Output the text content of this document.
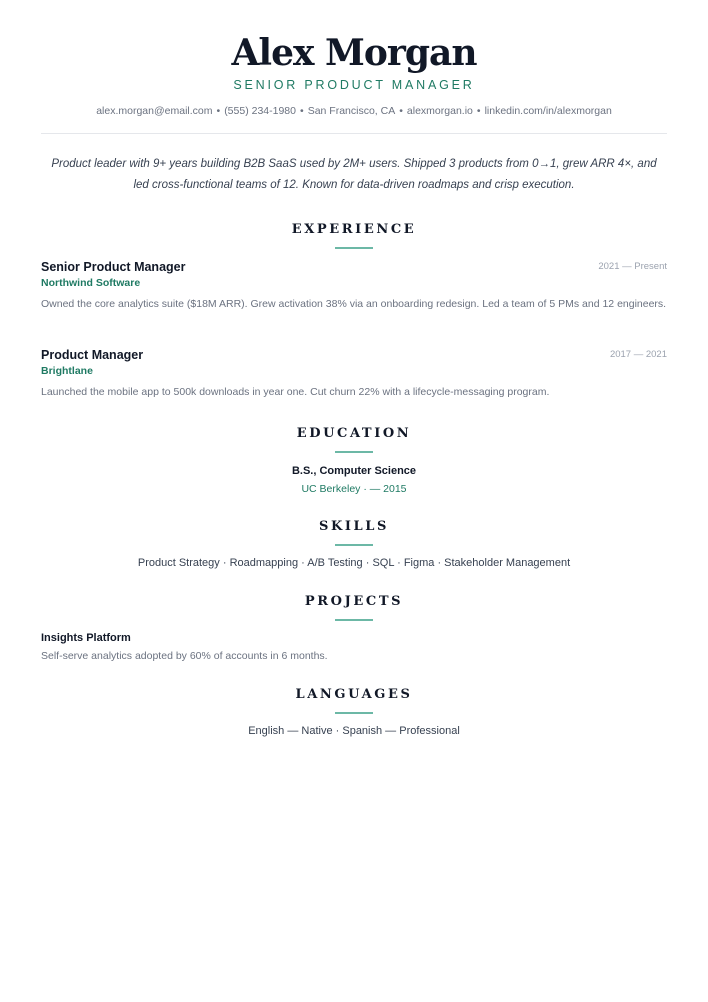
Alex Morgan
SENIOR PRODUCT MANAGER
alex.morgan@email.com • (555) 234-1980 • San Francisco, CA • alexmorgan.io • linkedin.com/in/alexmorgan
Product leader with 9+ years building B2B SaaS used by 2M+ users. Shipped 3 products from 0→1, grew ARR 4×, and led cross-functional teams of 12. Known for data-driven roadmaps and crisp execution.
EXPERIENCE
Senior Product Manager	2021 — Present
Northwind Software
Owned the core analytics suite ($18M ARR). Grew activation 38% via an onboarding redesign. Led a team of 5 PMs and 12 engineers.
Product Manager	2017 — 2021
Brightlane
Launched the mobile app to 500k downloads in year one. Cut churn 22% with a lifecycle-messaging program.
EDUCATION
B.S., Computer Science
UC Berkeley · — 2015
SKILLS
Product Strategy · Roadmapping · A/B Testing · SQL · Figma · Stakeholder Management
PROJECTS
Insights Platform
Self-serve analytics adopted by 60% of accounts in 6 months.
LANGUAGES
English — Native · Spanish — Professional
